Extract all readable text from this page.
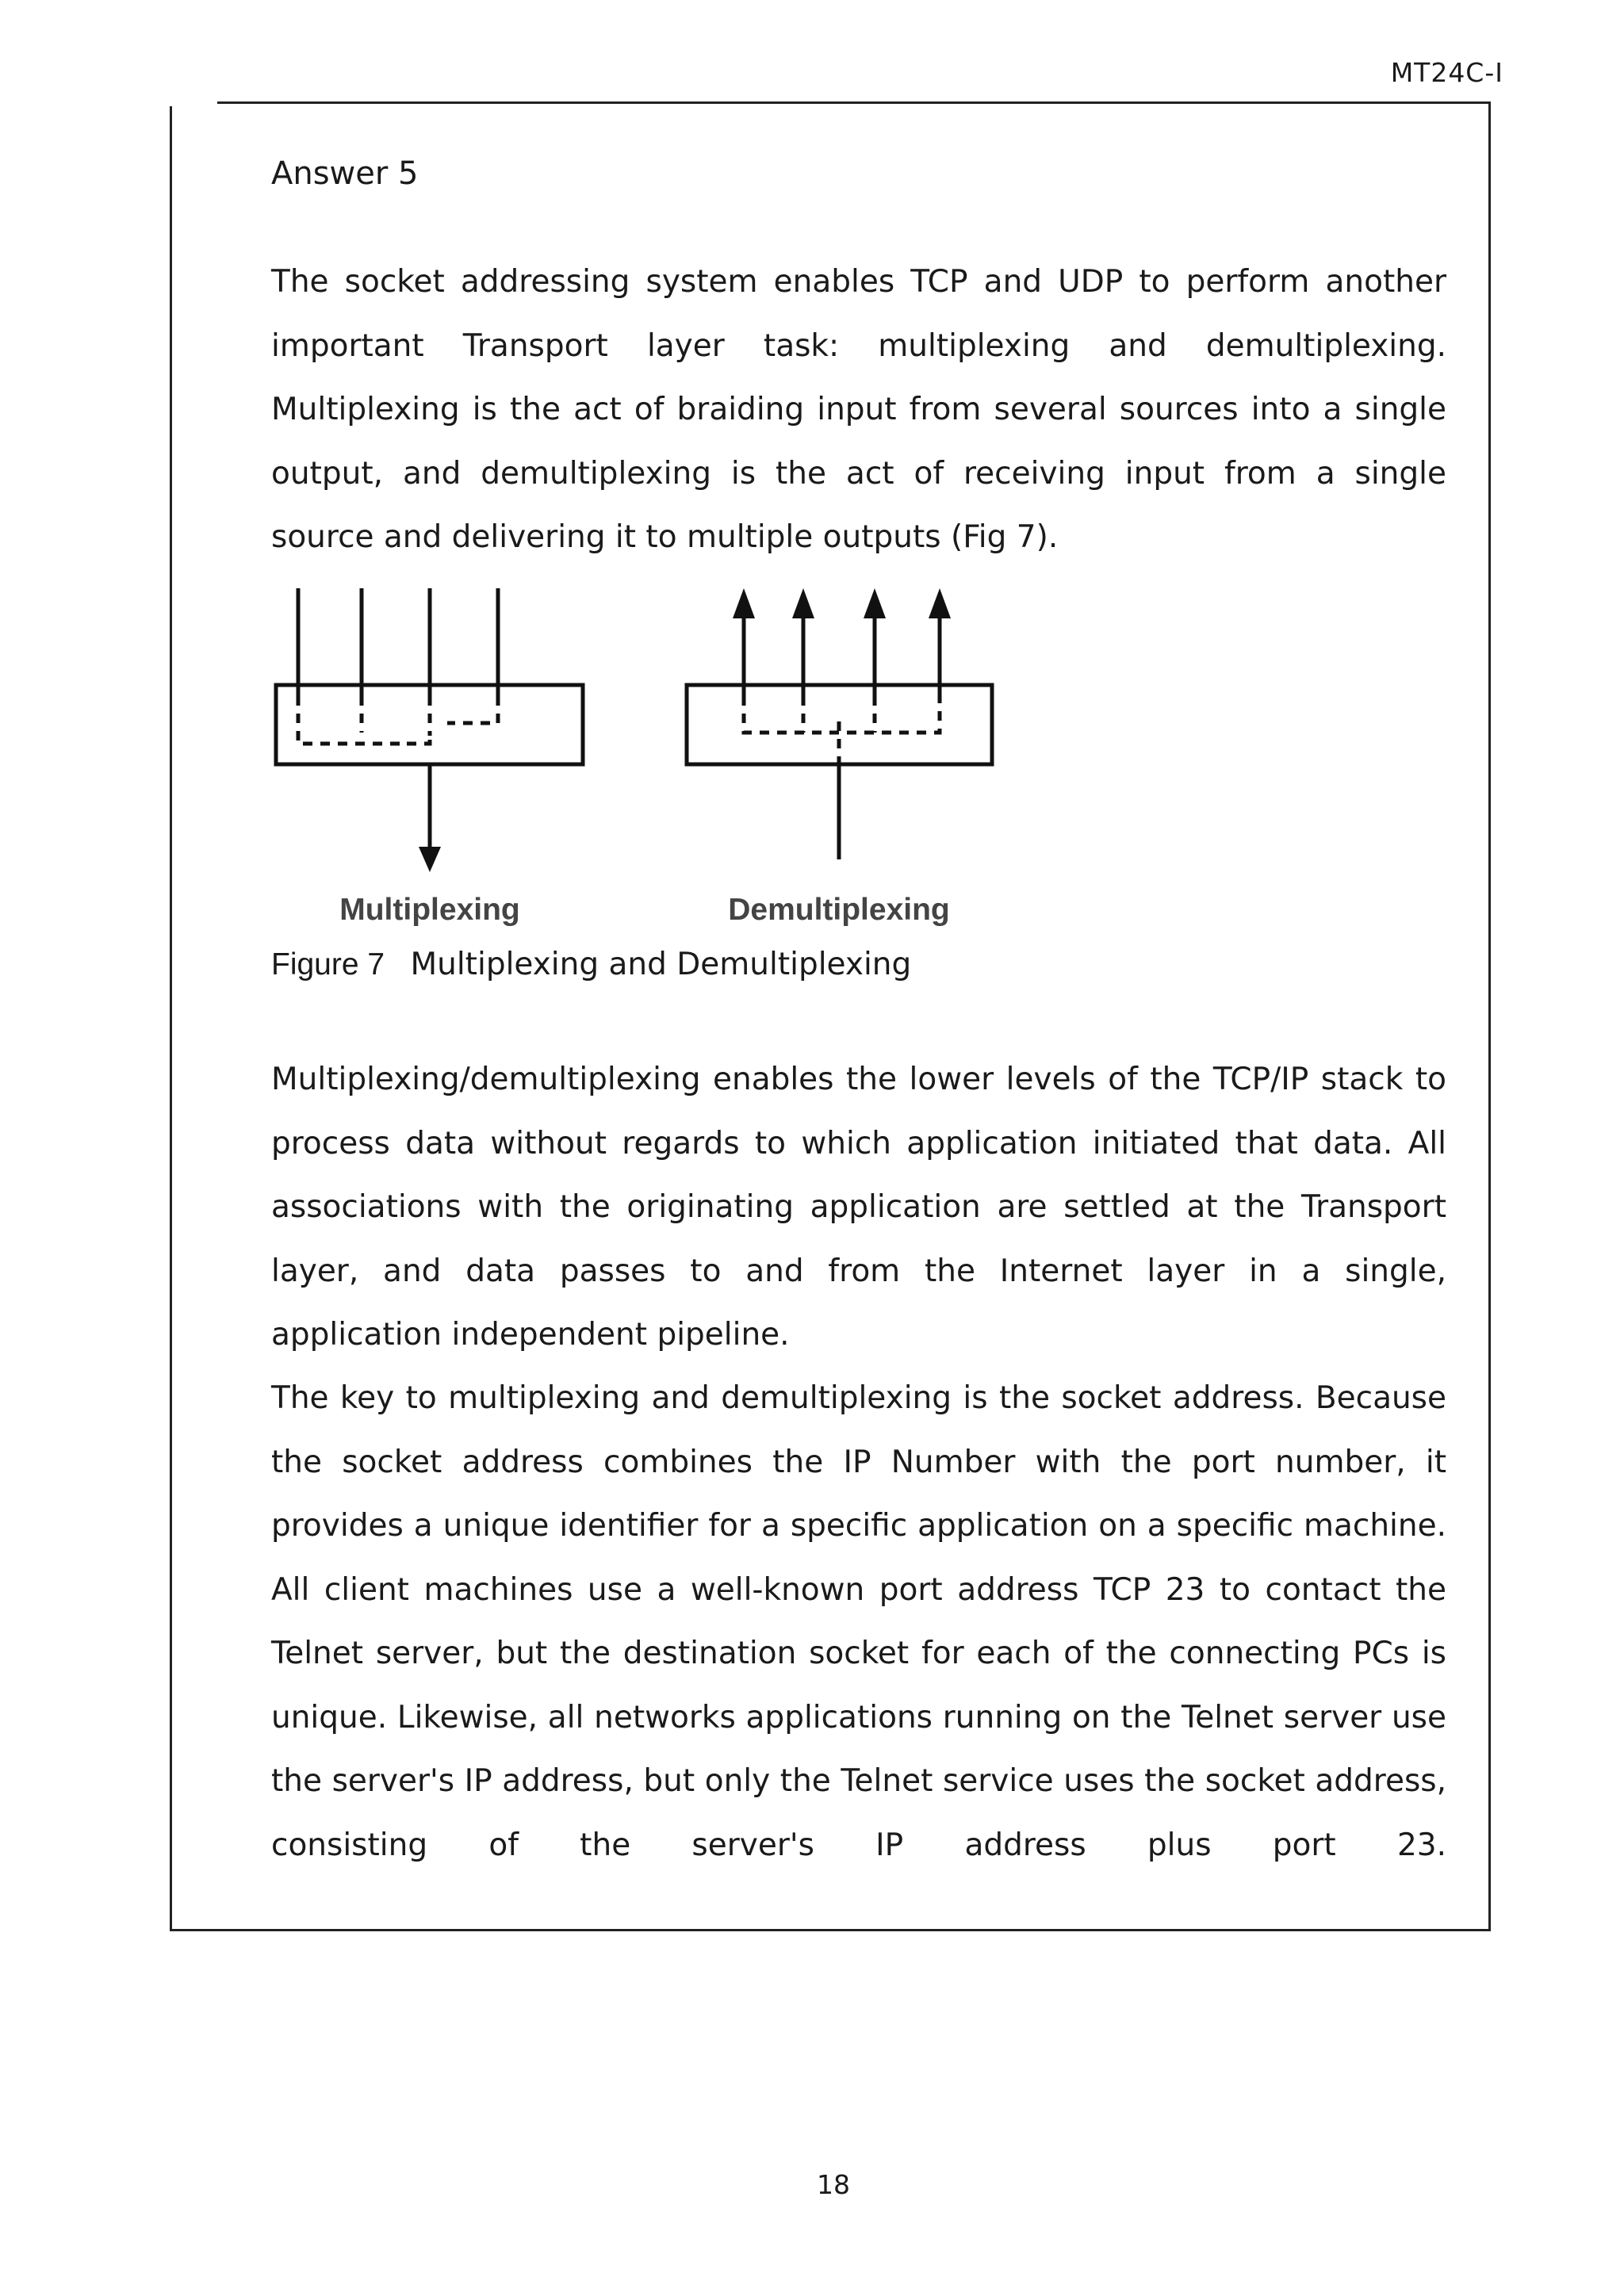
MT24C-I
Answer 5

The socket addressing system enables TCP and UDP to perform another important Transport layer task: multiplexing and demultiplexing. Multiplexing is the act of braiding input from several sources into a single output, and demultiplexing is the act of receiving input from a single source and delivering it to multiple outputs (Fig 7).

Multiplexing	Demultiplexing
Figure 7 Multiplexing and Demultiplexing

Multiplexing/demultiplexing enables the lower levels of the TCP/IP stack to process data without regards to which application initiated that data. All associations with the originating application are settled at the Transport layer, and data passes to and from the Internet layer in a single, application independent pipeline.

The key to multiplexing and demultiplexing is the socket address. Because the socket address combines the IP Number with the port number, it provides a unique identifier for a specific application on a specific machine. All client machines use a well-known port address TCP 23 to contact the Telnet server, but the destination socket for each of the connecting PCs is unique. Likewise, all networks applications running on the Telnet server use the server's IP address, but only the Telnet service uses the socket address, consisting of the server's IP address plus port 23.

18
